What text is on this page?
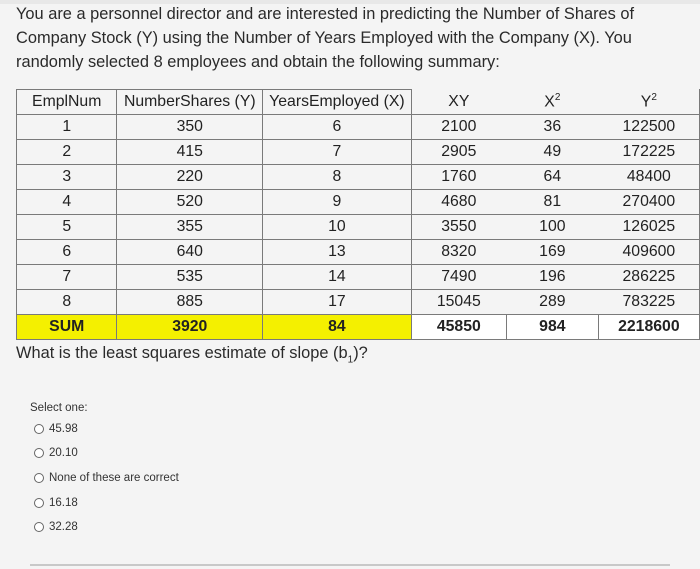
You are a personnel director and are interested in predicting the Number of Shares of Company Stock (Y) using the Number of Years Employed with the Company (X). You randomly selected 8 employees and obtain the following summary:
EmplNum	NumberShares (Y)	YearsEmployed (X)	XY	$X^2$	$Y^2$
1	350	6	2100	36	122500
2	415	7	2905	49	172225
3	220	8	1760	64	48400
4	520	9	4680	81	270400
5	355	10	3550	100	126025
6	640	13	8320	169	409600
7	535	14	7490	196	286225
8	885	17	15045	289	783225
SUM	3920	84	45850	984	2218600
What is the least squares estimate of slope $(b_1)$?
Select one:
45.98
20.10
None of these are correct
16.18
32.28
